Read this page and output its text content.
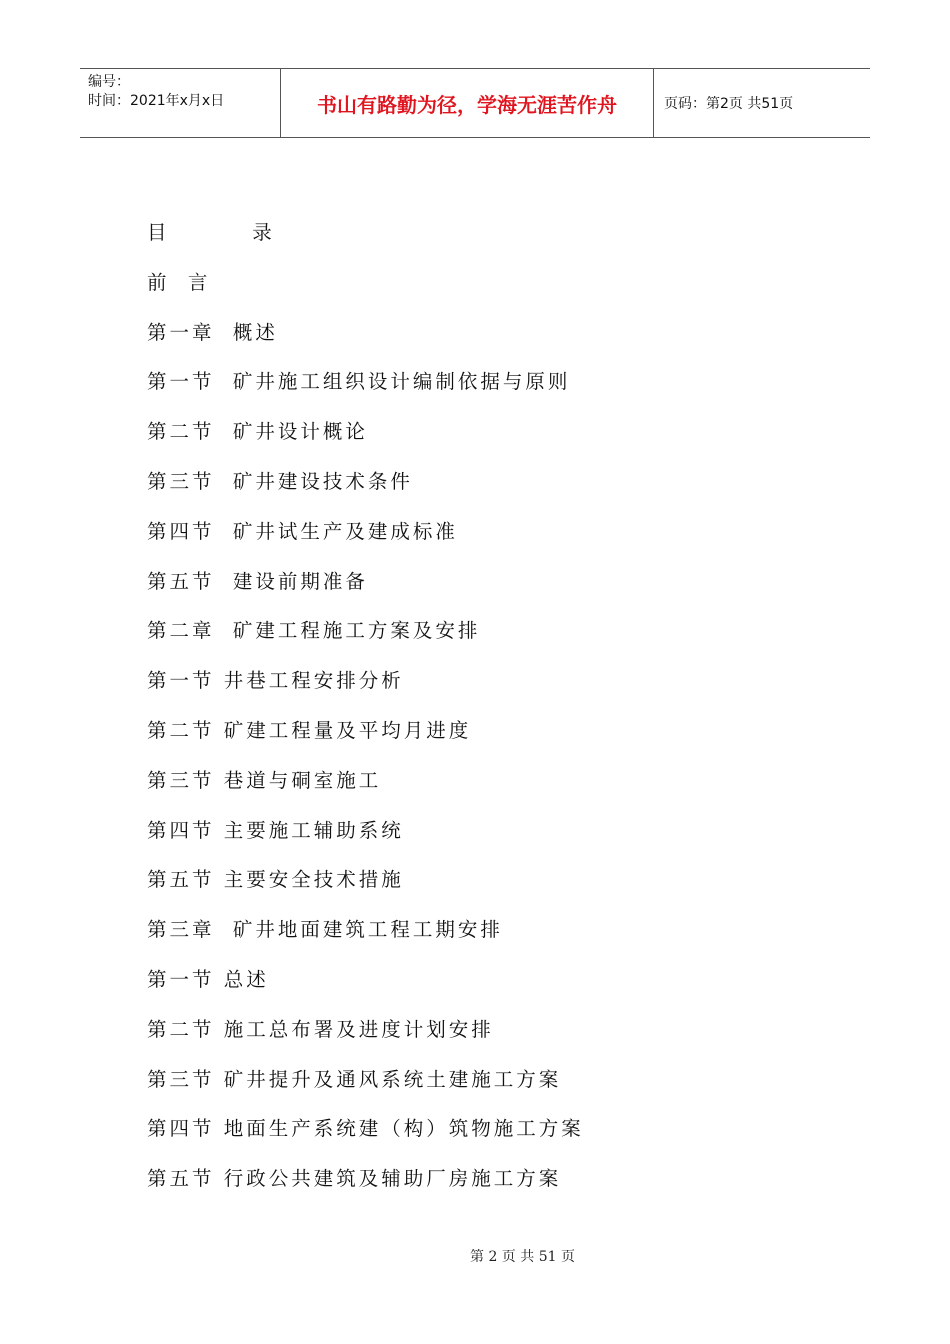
编号：
时间：2021年x月x日	书山有路勤为径，学海无涯苦作舟	页码：第2页 共51页
目         录
前  言
第一章  概述
第一节  矿井施工组织设计编制依据与原则
第二节  矿井设计概论
第三节  矿井建设技术条件
第四节  矿井试生产及建成标准
第五节  建设前期准备
第二章  矿建工程施工方案及安排
第一节 井巷工程安排分析
第二节 矿建工程量及平均月进度
第三节 巷道与硐室施工
第四节 主要施工辅助系统
第五节 主要安全技术措施
第三章  矿井地面建筑工程工期安排
第一节 总述
第二节 施工总布署及进度计划安排
第三节 矿井提升及通风系统土建施工方案
第四节 地面生产系统建（构）筑物施工方案
第五节 行政公共建筑及辅助厂房施工方案
第 2 页 共 51 页
